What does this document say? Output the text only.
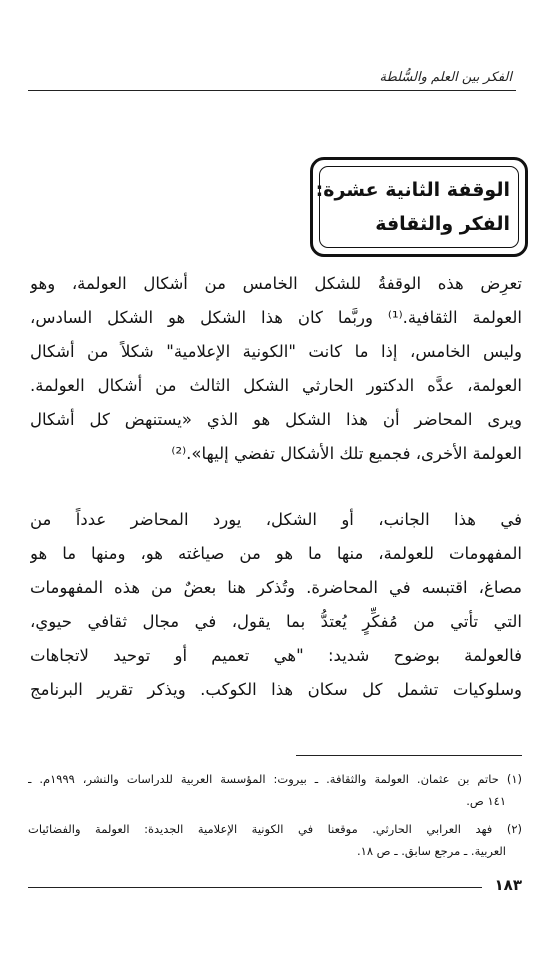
الفكر بين العلم والسُّلطة
الوقفة الثانية عشرة:
الفكر والثقافة
تعرِض هذه الوقفةُ للشكل الخامس من أشكال العولمة، وهو
العولمة الثقافية.⁽¹⁾ وربَّما كان هذا الشكل هو الشكل السادس،
وليس الخامس، إذا ما كانت "الكونية الإعلامية" شكلاً من أشكال
العولمة، عدَّه الدكتور الحارثي الشكل الثالث من أشكال العولمة.
ويرى المحاضر أن هذا الشكل هو الذي «يستنهض كل أشكال
العولمة الأخرى، فجميع تلك الأشكال تفضي إليها».⁽²⁾
في هذا الجانب، أو الشكل، يورد المحاضر عدداً من
المفهومات للعولمة، منها ما هو من صياغته هو، ومنها ما هو
مصاغ، اقتبسه في المحاضرة. وتُذكر هنا بعضٌ من هذه المفهومات
التي تأتي من مُفكِّرٍ يُعتدُّ بما يقول، في مجال ثقافي حيوي،
فالعولمة بوضوح شديد: "هي تعميم أو توحيد لاتجاهات
وسلوكيات تشمل كل سكان هذا الكوكب. ويذكر تقرير البرنامج
(١) حاتم بن عثمان. العولمة والثقافة. ـ بيروت: المؤسسة العربية للدراسات والنشر، ١٩٩٩م. ـ
١٤١ ص.
(٢) فهد العرابي الحارثي. موقعنا في الكونية الإعلامية الجديدة: العولمة والفضائيات
العربية. ـ مرجع سابق. ـ ص ١٨.
١٨٣
